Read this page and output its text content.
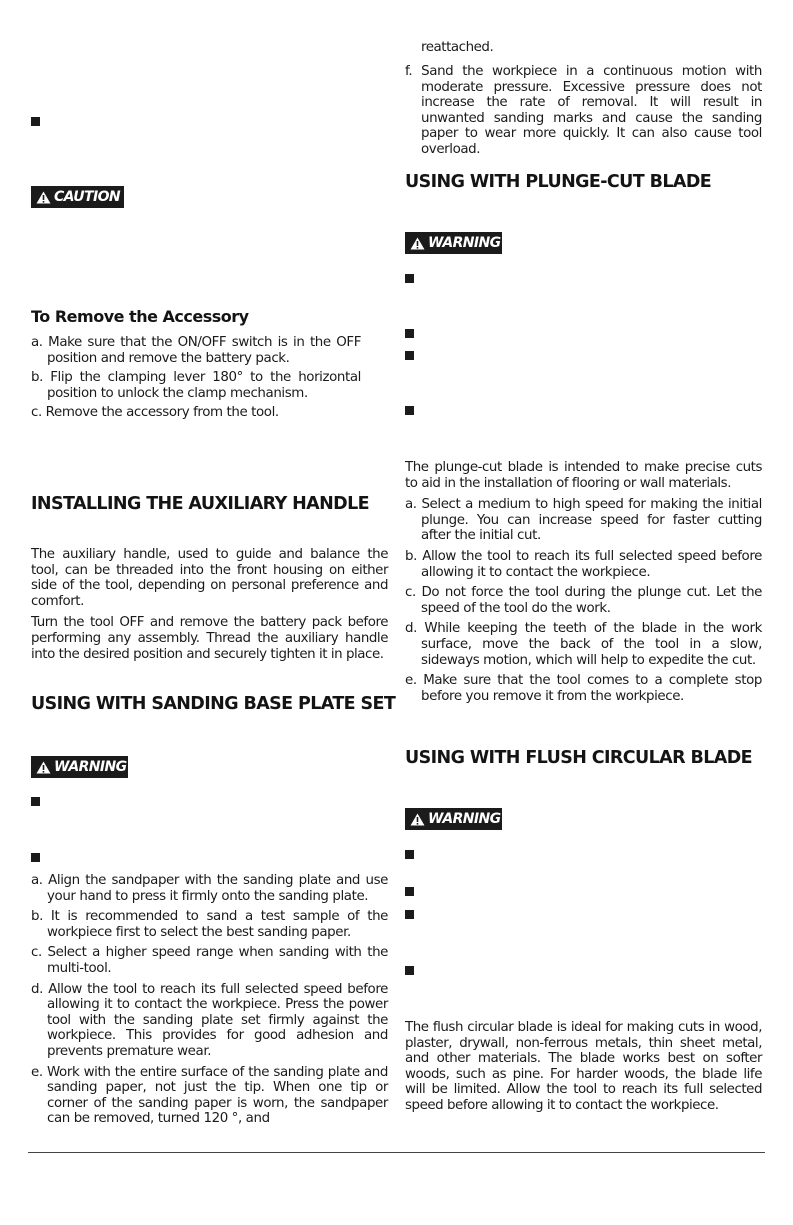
CAUTION
To Remove the Accessory

a. Make sure that the ON/OFF switch is in the OFF position and remove the battery pack.

b. Flip the clamping lever 180° to the horizontal position to unlock the clamp mechanism.

c. Remove the accessory from the tool.

INSTALLING THE AUXILIARY HANDLE

The auxiliary handle, used to guide and balance the tool, can be threaded into the front housing on either side of the tool, depending on personal preference and comfort.

Turn the tool OFF and remove the battery pack before performing any assembly. Thread the auxiliary handle into the desired position and securely tighten it in place.

USING WITH SANDING BASE PLATE SET
WARNING

a. Align the sandpaper with the sanding plate and use your hand to press it firmly onto the sanding plate.

b. It is recommended to sand a test sample of the workpiece first to select the best sanding paper.

c. Select a higher speed range when sanding with the multi-tool.

d. Allow the tool to reach its full selected speed before allowing it to contact the workpiece. Press the power tool with the sanding plate set firmly against the workpiece. This provides for good adhesion and prevents premature wear.

e. Work with the entire surface of the sanding plate and sanding paper, not just the tip. When one tip or corner of the sanding paper is worn, the sandpaper can be removed, turned 120 °, and

reattached.

f. Sand the workpiece in a continuous motion with moderate pressure. Excessive pressure does not increase the rate of removal. It will result in unwanted sanding marks and cause the sanding paper to wear more quickly. It can also cause tool overload.

USING WITH PLUNGE-CUT BLADE
WARNING

The plunge-cut blade is intended to make precise cuts to aid in the installation of flooring or wall materials.

a. Select a medium to high speed for making the initial plunge. You can increase speed for faster cutting after the initial cut.

b. Allow the tool to reach its full selected speed before allowing it to contact the workpiece.

c. Do not force the tool during the plunge cut. Let the speed of the tool do the work.

d. While keeping the teeth of the blade in the work surface, move the back of the tool in a slow, sideways motion, which will help to expedite the cut.

e. Make sure that the tool comes to a complete stop before you remove it from the workpiece.

USING WITH FLUSH CIRCULAR BLADE
WARNING

The flush circular blade is ideal for making cuts in wood, plaster, drywall, non-ferrous metals, thin sheet metal, and other materials. The blade works best on softer woods, such as pine. For harder woods, the blade life will be limited. Allow the tool to reach its full selected speed before allowing it to contact the workpiece.
